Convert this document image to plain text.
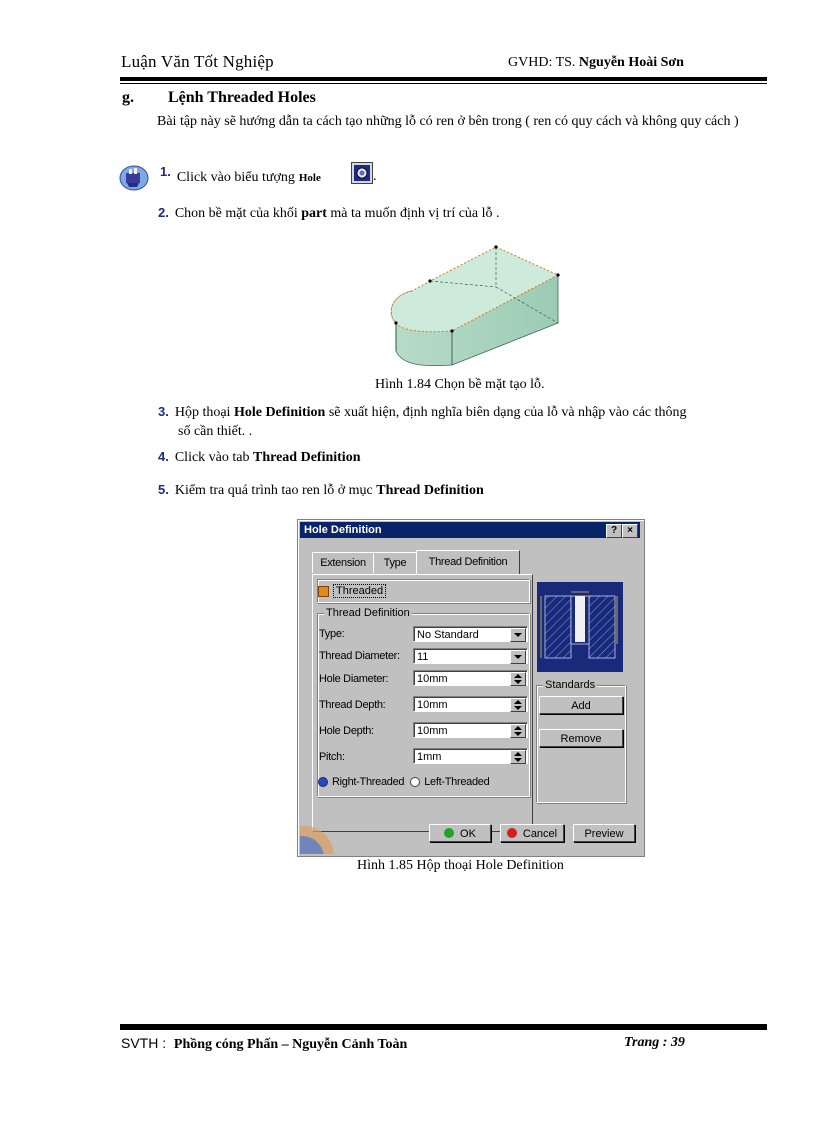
Luận Văn Tốt Nghiệp	GVHD: TS. Nguyễn Hoài Sơn
g. Lệnh Threaded Holes
Bài tập này sẽ hướng dẫn ta cách tạo những lỗ có ren ở bên trong ( ren có quy cách và không quy cách )
1. Click vào biểu tượng Hole	.
2. Chon bề mặt của khối part mà ta muốn định vị trí của lỗ .
Hình 1.84 Chọn bề mặt tạo lỗ.
3. Hộp thoại Hole Definition sẽ xuất hiện, định nghĩa biên dạng của lỗ và nhập vào các thông
số cần thiết. .
4. Click vào tab Thread Definition
5. Kiểm tra quá trình tao ren lỗ ở mục Thread Definition
Hole Definition	?	×
Extension	Type	Thread Definition
Threaded
Thread Definition
Type:	No Standard
Thread Diameter:	11
Hole Diameter:	10mm
Thread Depth:	10mm
Hole Depth:	10mm
Pitch:	1mm
Right-Threaded Left-Threaded
Standards
Add
Remove
OK	Cancel	Preview
Hình 1.85 Hộp thoại Hole Definition
SVTH : Phồng cóng Phấn – Nguyễn Cảnh Toàn	Trang : 39
